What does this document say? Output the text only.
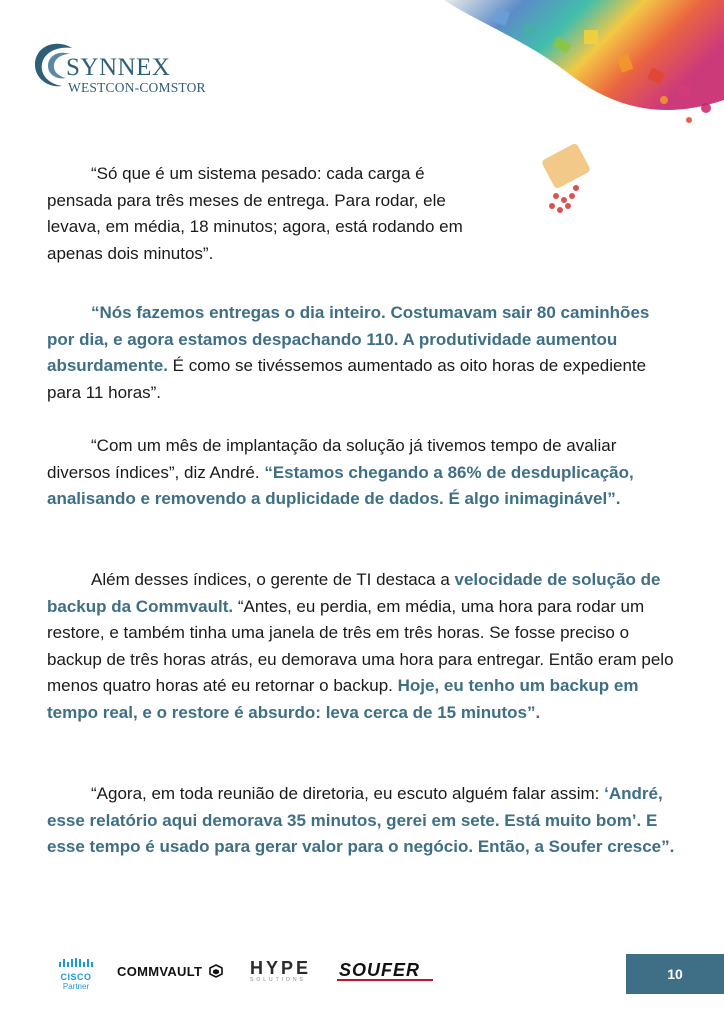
SYNNEX
WESTCON-COMSTOR

“Só que é um sistema pesado: cada carga é pensada para três meses de entrega. Para rodar, ele levava, em média, 18 minutos; agora, está rodando em apenas dois minutos”.

“Nós fazemos entregas o dia inteiro. Costumavam sair 80 caminhões por dia, e agora estamos despachando 110. A produtividade aumentou absurdamente. É como se tivéssemos aumentado as oito horas de expediente para 11 horas”.

“Com um mês de implantação da solução já tivemos tempo de avaliar diversos índices”, diz André. “Estamos chegando a 86% de desduplicação, analisando e removendo a duplicidade de dados. É algo inimaginável”.

Além desses índices, o gerente de TI destaca a velocidade de solução de backup da Commvault. “Antes, eu perdia, em média, uma hora para rodar um restore, e também tinha uma janela de três em três horas. Se fosse preciso o backup de três horas atrás, eu demorava uma hora para entregar. Então eram pelo menos quatro horas até eu retornar o backup. Hoje, eu tenho um backup em tempo real, e o restore é absurdo: leva cerca de 15 minutos”.

“Agora, em toda reunião de diretoria, eu escuto alguém falar assim: ‘André, esse relatório aqui demorava 35 minutos, gerei em sete. Está muito bom’. E esse tempo é usado para gerar valor para o negócio. Então, a Soufer cresce”.

CISCO
Partner
COMMVAULT	HYPE
SOLUTIONS SOUFER	10
